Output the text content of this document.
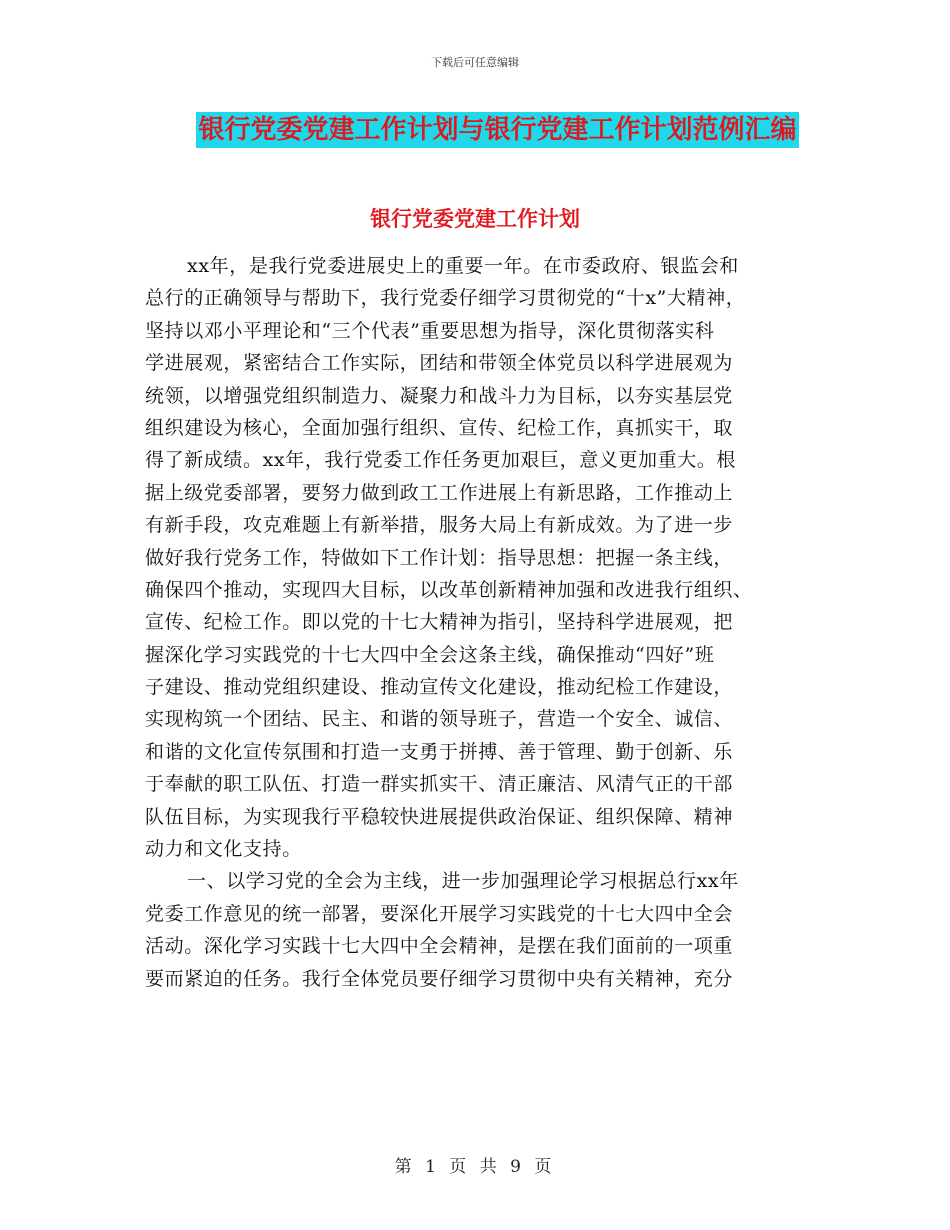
下载后可任意编辑
银行党委党建工作计划与银行党建工作计划范例汇编
银行党委党建工作计划
xx年，是我行党委进展史上的重要一年。在市委政府、银监会和
总行的正确领导与帮助下，我行党委仔细学习贯彻党的“十x”大精神，
坚持以邓小平理论和“三个代表”重要思想为指导，深化贯彻落实科
学进展观，紧密结合工作实际，团结和带领全体党员以科学进展观为
统领，以增强党组织制造力、凝聚力和战斗力为目标，以夯实基层党
组织建设为核心，全面加强行组织、宣传、纪检工作，真抓实干，取
得了新成绩。xx年，我行党委工作任务更加艰巨，意义更加重大。根
据上级党委部署，要努力做到政工工作进展上有新思路，工作推动上
有新手段，攻克难题上有新举措，服务大局上有新成效。为了进一步
做好我行党务工作，特做如下工作计划：指导思想：把握一条主线，
确保四个推动，实现四大目标，以改革创新精神加强和改进我行组织、
宣传、纪检工作。即以党的十七大精神为指引，坚持科学进展观，把
握深化学习实践党的十七大四中全会这条主线，确保推动“四好”班
子建设、推动党组织建设、推动宣传文化建设，推动纪检工作建设，
实现构筑一个团结、民主、和谐的领导班子，营造一个安全、诚信、
和谐的文化宣传氛围和打造一支勇于拼搏、善于管理、勤于创新、乐
于奉献的职工队伍、打造一群实抓实干、清正廉洁、风清气正的干部
队伍目标，为实现我行平稳较快进展提供政治保证、组织保障、精神
动力和文化支持。
一、以学习党的全会为主线，进一步加强理论学习根据总行xx年
党委工作意见的统一部署，要深化开展学习实践党的十七大四中全会
活动。深化学习实践十七大四中全会精神，是摆在我们面前的一项重
要而紧迫的任务。我行全体党员要仔细学习贯彻中央有关精神，充分
第 1 页 共 9 页
